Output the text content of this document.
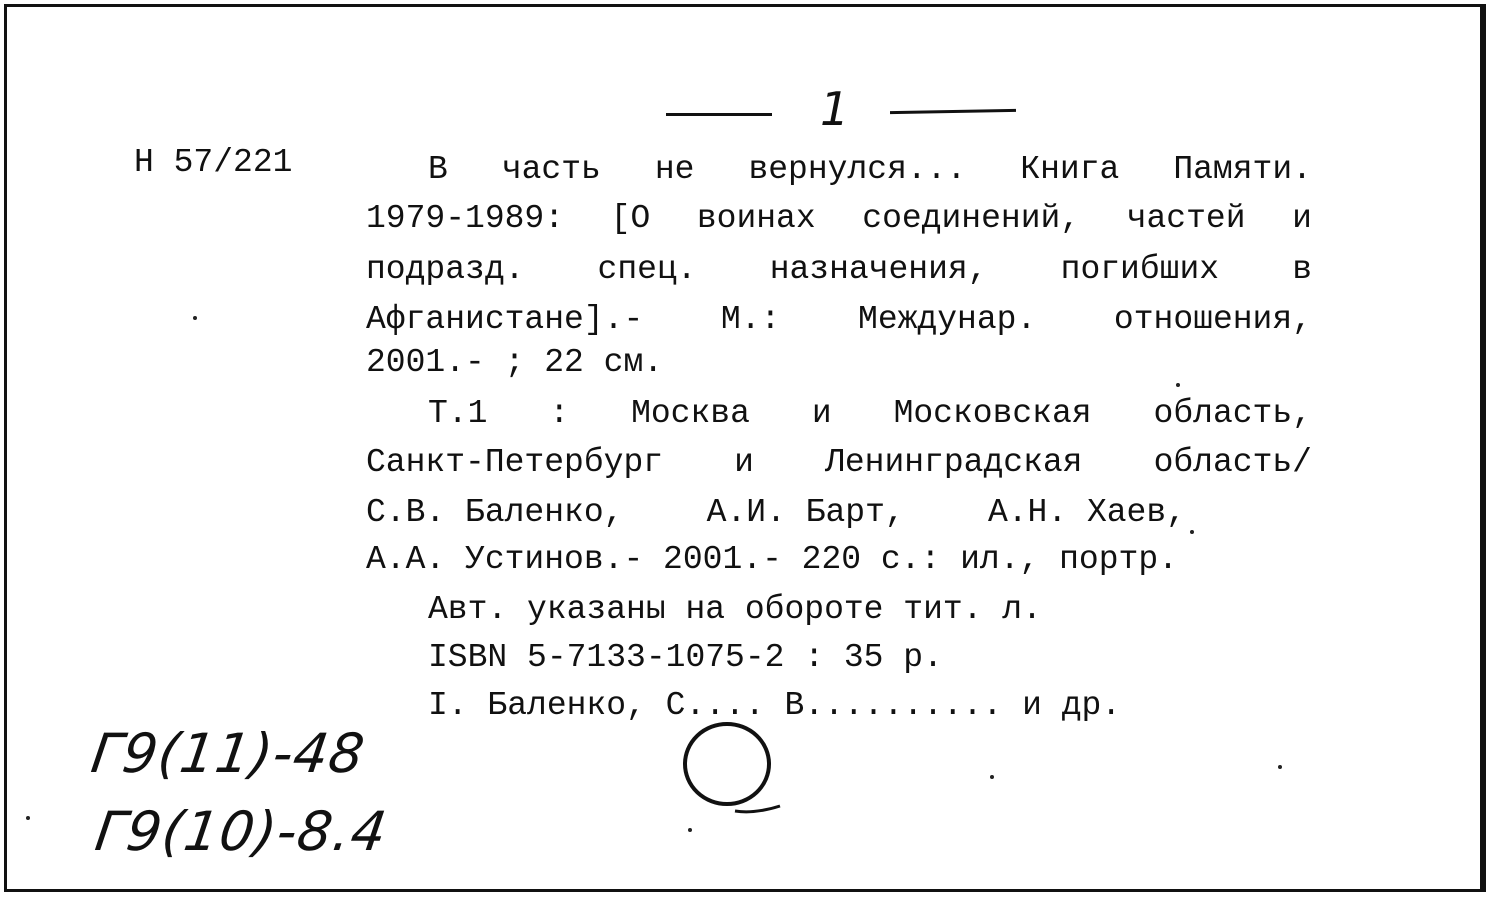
1
Н 57/221	В часть не вернулся... Книга Памяти.
1979-1989: [О воинах соединений, частей и
подразд. спец. назначения, погибших в
Афганистане].- М.: Междунар. отношения,
2001.- ; 22 см.
Т.1 : Москва и Московская область,
Санкт-Петербург и Ленинградская область/
С.В. Баленко,	А.И. Барт,	А.Н. Хаев,
А.А. Устинов.- 2001.- 220 с.: ил., портр.
Авт. указаны на обороте тит. л.
ISBN 5-7133-1075-2 : 35 р.
I. Баленко, С.... В.......... и др.
Г9(11)-48
Г9(10)-8.4
